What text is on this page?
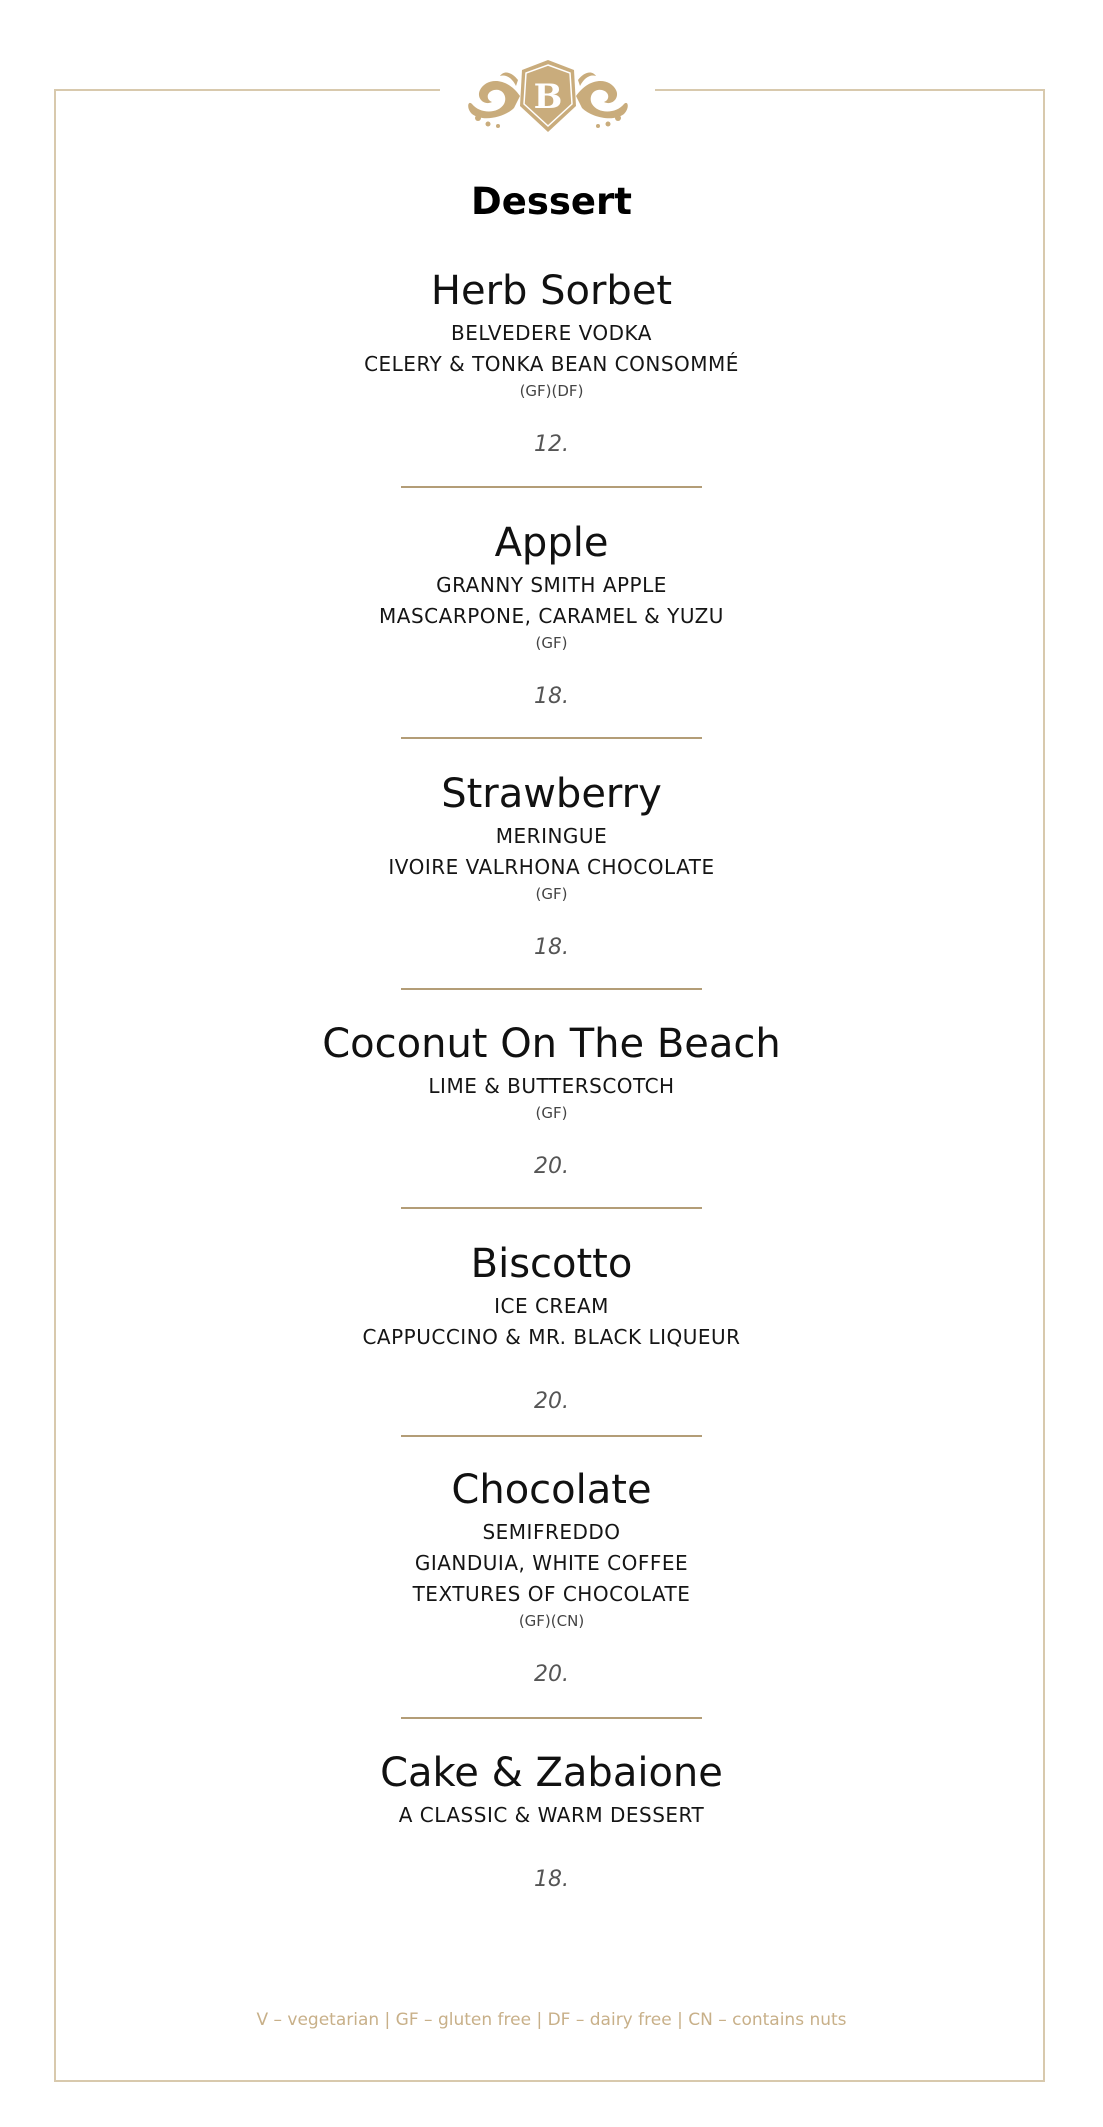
B
Dessert
Herb Sorbet
BELVEDERE VODKA
CELERY & TONKA BEAN CONSOMMÉ
(GF)(DF)
12.
Apple
GRANNY SMITH APPLE
MASCARPONE, CARAMEL & YUZU
(GF)
18.
Strawberry
MERINGUE
IVOIRE VALRHONA CHOCOLATE
(GF)
18.
Coconut On The Beach
LIME & BUTTERSCOTCH
(GF)
20.
Biscotto
ICE CREAM
CAPPUCCINO & MR. BLACK LIQUEUR
20.
Chocolate
SEMIFREDDO
GIANDUIA, WHITE COFFEE
TEXTURES OF CHOCOLATE
(GF)(CN)
20.
Cake & Zabaione
A CLASSIC & WARM DESSERT
18.
V – vegetarian | GF – gluten free | DF – dairy free | CN – contains nuts
